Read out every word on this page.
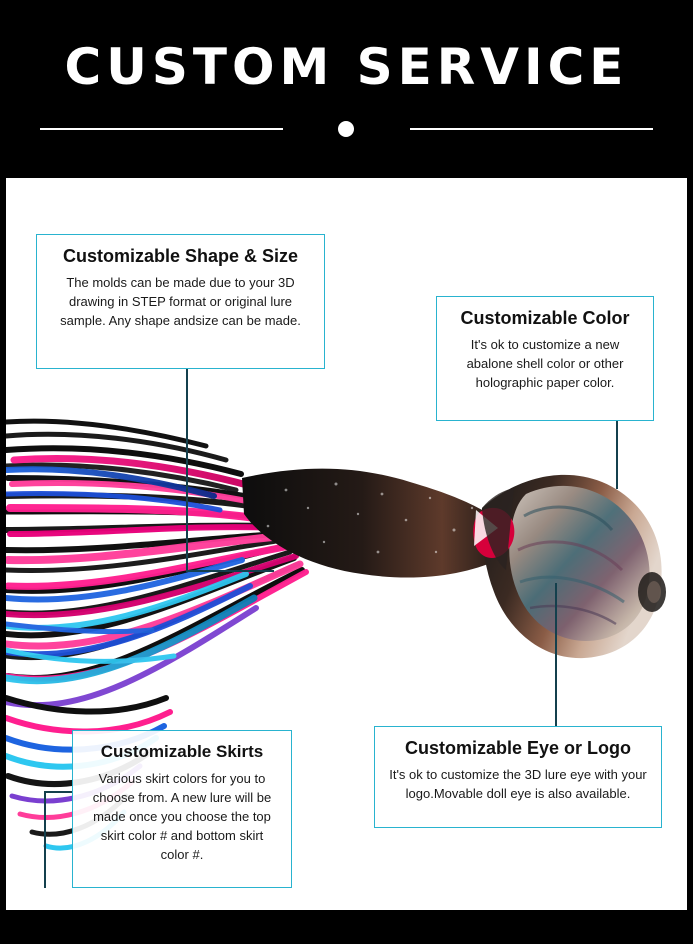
CUSTOM SERVICE
Customizable Shape & Size
The molds can be made due to your 3D drawing in STEP format or original lure sample. Any shape andsize can be made.	Customizable Color
It's ok to customize a new abalone shell color or other holographic paper color.
Customizable Skirts
Various skirt colors for you to choose from. A new lure will be made once you choose the top skirt color # and bottom skirt color #.
Customizable Eye or Logo
It's ok to customize the 3D lure eye with your logo.Movable doll eye is also available.
